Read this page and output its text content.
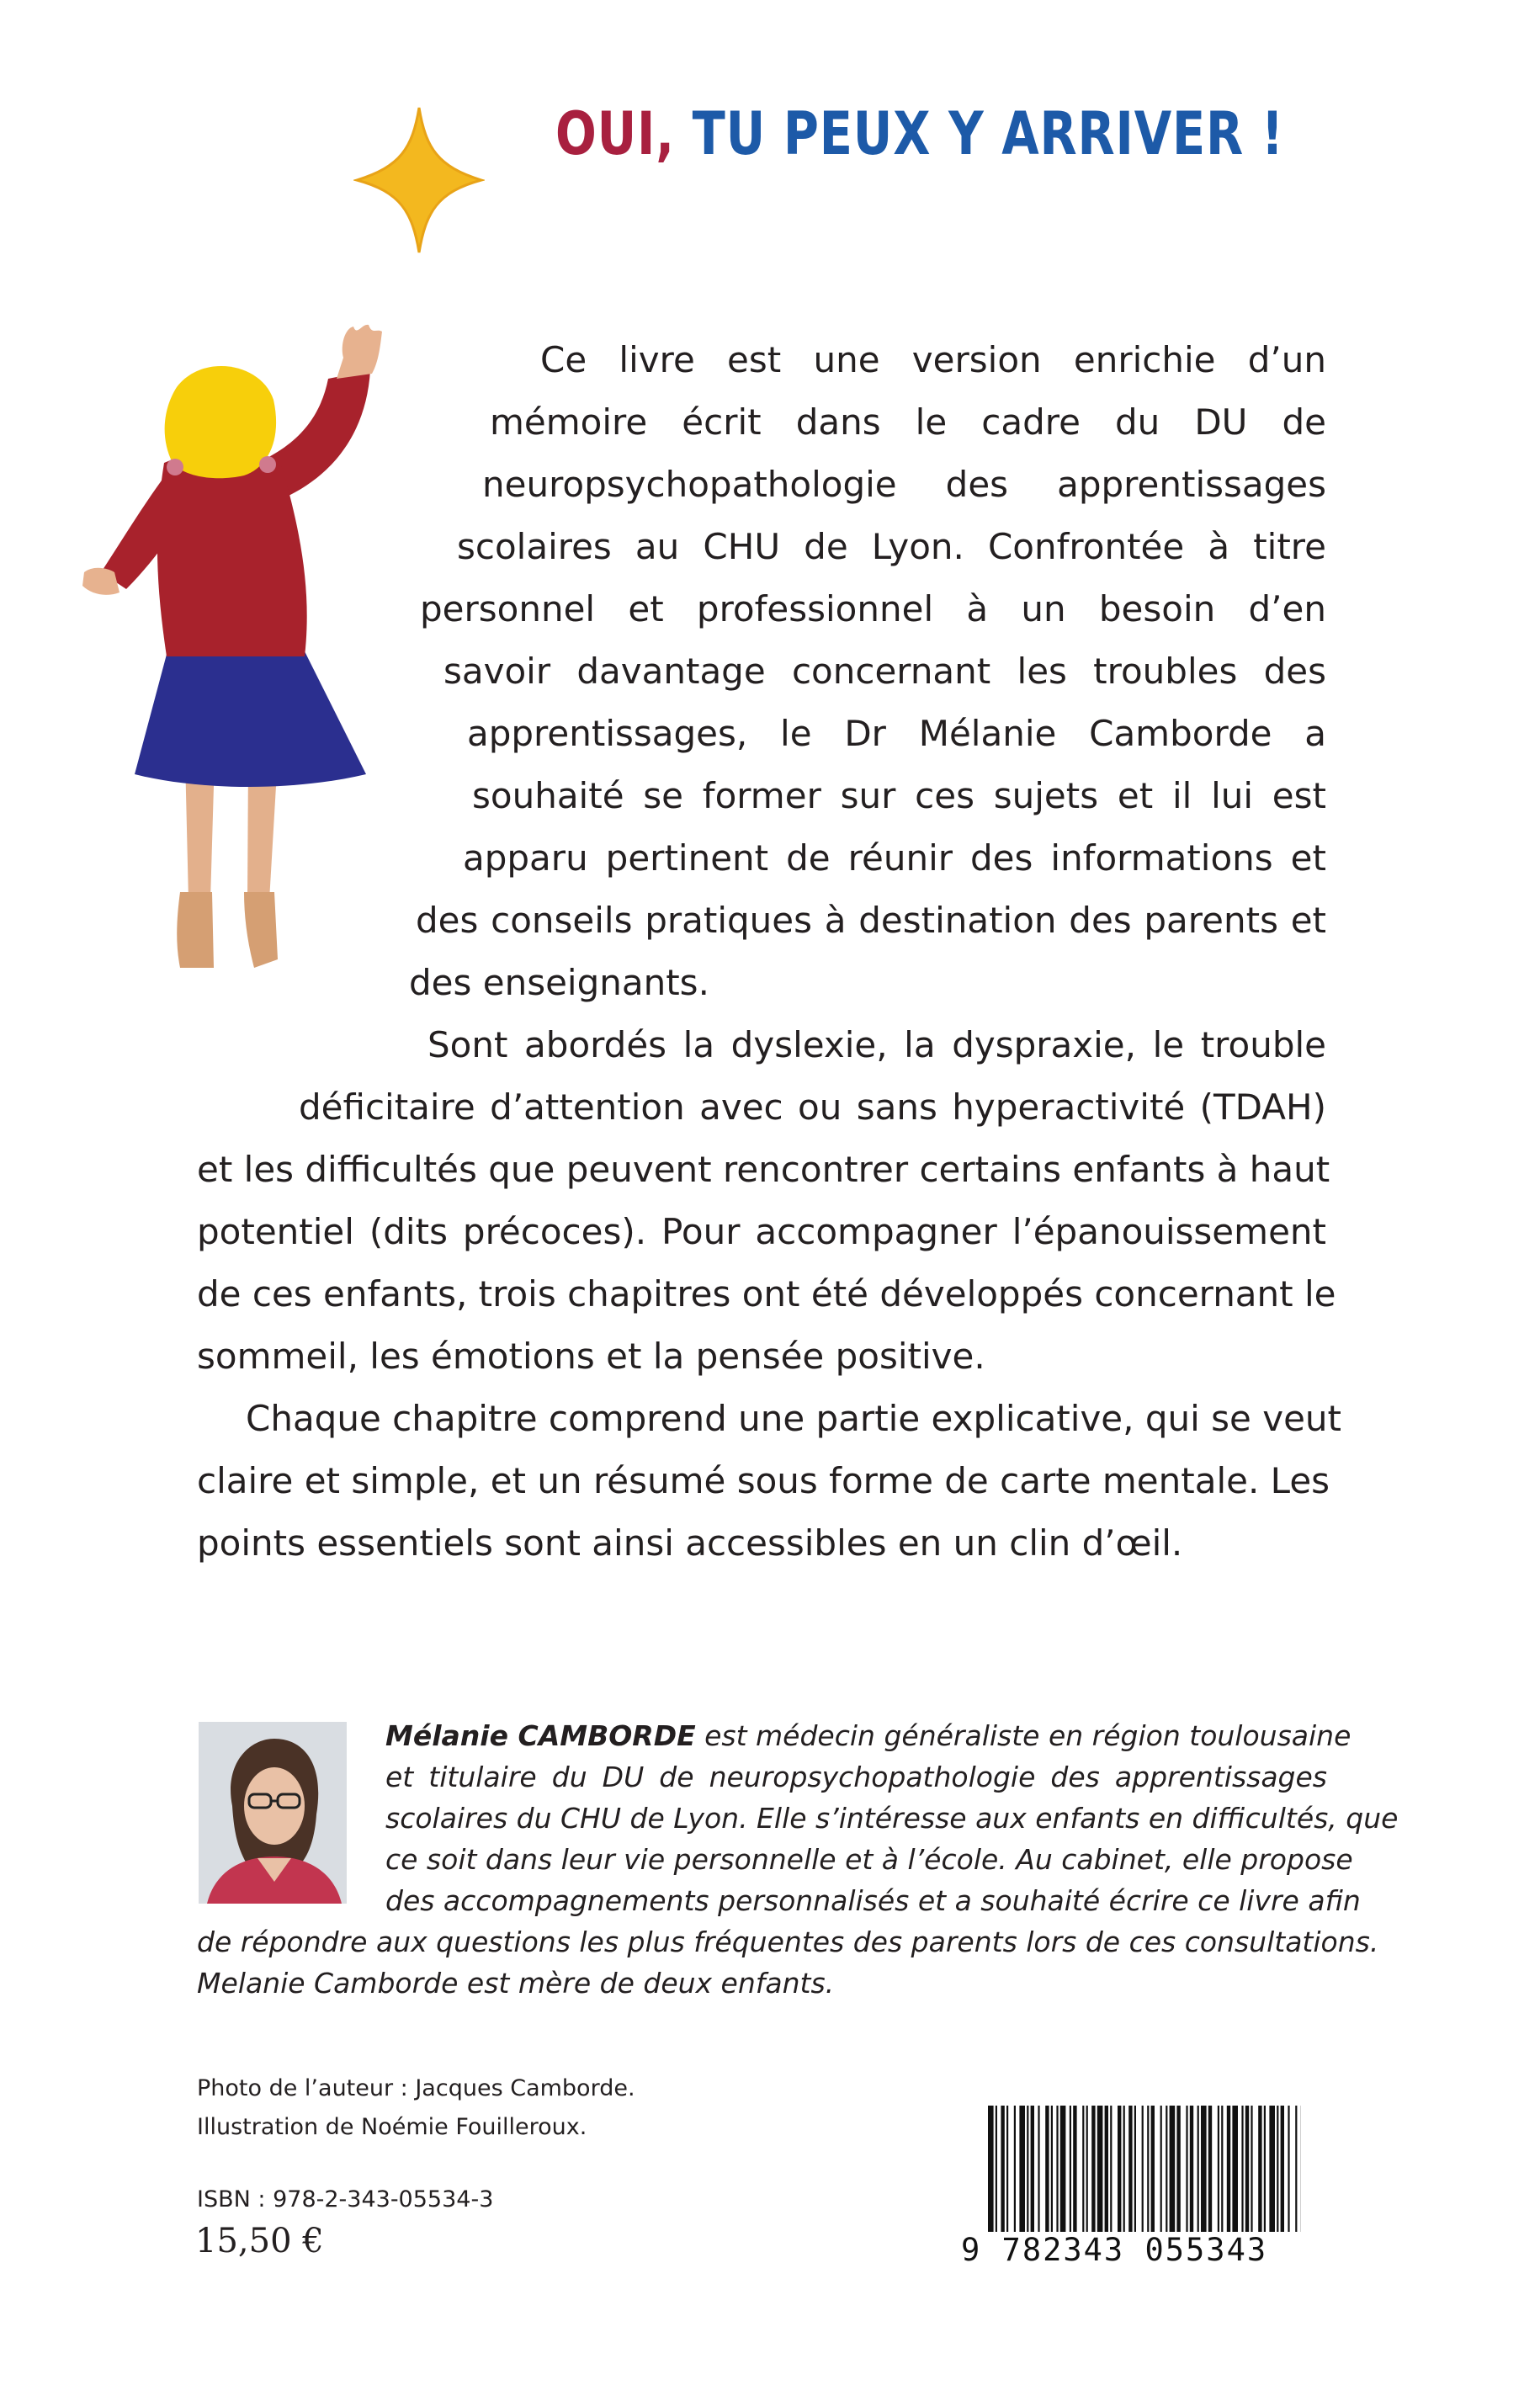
OUI, TU PEUX Y ARRIVER !
Ce livre est une version enrichie d’un
mémoire écrit dans le cadre du DU de
neuropsychopathologie des apprentissages
scolaires au CHU de Lyon. Confrontée à titre
personnel et professionnel à un besoin d’en
savoir davantage concernant les troubles des
apprentissages, le Dr Mélanie Camborde a
souhaité se former sur ces sujets et il lui est
apparu pertinent de réunir des informations et
des conseils pratiques à destination des parents et
des enseignants.
Sont abordés la dyslexie, la dyspraxie, le trouble
déficitaire d’attention avec ou sans hyperactivité (TDAH)
et les difficultés que peuvent rencontrer certains enfants à haut
potentiel (dits précoces). Pour accompagner l’épanouissement
de ces enfants, trois chapitres ont été développés concernant le
sommeil, les émotions et la pensée positive.
Chaque chapitre comprend une partie explicative, qui se veut
claire et simple, et un résumé sous forme de carte mentale. Les
points essentiels sont ainsi accessibles en un clin d’œil.
Mélanie CAMBORDE est médecin généraliste en région toulousaine
et titulaire du DU de neuropsychopathologie des apprentissages
scolaires du CHU de Lyon. Elle s’intéresse aux enfants en difficultés, que
ce soit dans leur vie personnelle et à l’école. Au cabinet, elle propose
des accompagnements personnalisés et a souhaité écrire ce livre afin
de répondre aux questions les plus fréquentes des parents lors de ces consultations.
Melanie Camborde est mère de deux enfants.
Photo de l’auteur : Jacques Camborde.
Illustration de Noémie Fouilleroux.
ISBN : 978-2-343-05534-3
15,50 €	9 782343 055343
